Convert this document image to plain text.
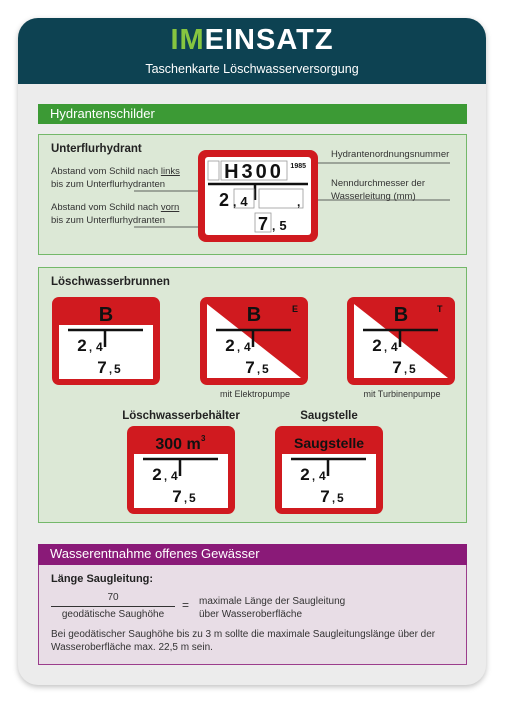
IMEINSATZ
Taschenkarte Löschwasserversorgung
Hydrantenschilder
Unterflurhydrant
Abstand vom Schild nach links
bis zum Unterflurhydranten
Abstand vom Schild nach vorn
bis zum Unterflurhydranten
Hydrantenordnungsnummer
Nenndurchmesser der
Wasserleitung (mm)
H300 1985
2 , 4	,
7 , 5
Löschwasserbrunnen
B
2 , 4
7 , 5
B	E
2 , 4
7 , 5
mit Elektropumpe
B	T
2 , 4
7 , 5
mit Turbinenpumpe
Löschwasserbehälter	Saugstelle
300 m 3
2 , 4
7 , 5
Saugstelle
2 , 4
7 , 5
Wasserentnahme offenes Gewässer
Länge Saugleitung:
70
geodätische Saughöhe
= maximale Länge der Saugleitung
über Wasseroberfläche
Bei geodätischer Saughöhe bis zu 3 m sollte die maximale Saugleitungslänge über der Wasseroberfläche max. 22,5 m sein.
